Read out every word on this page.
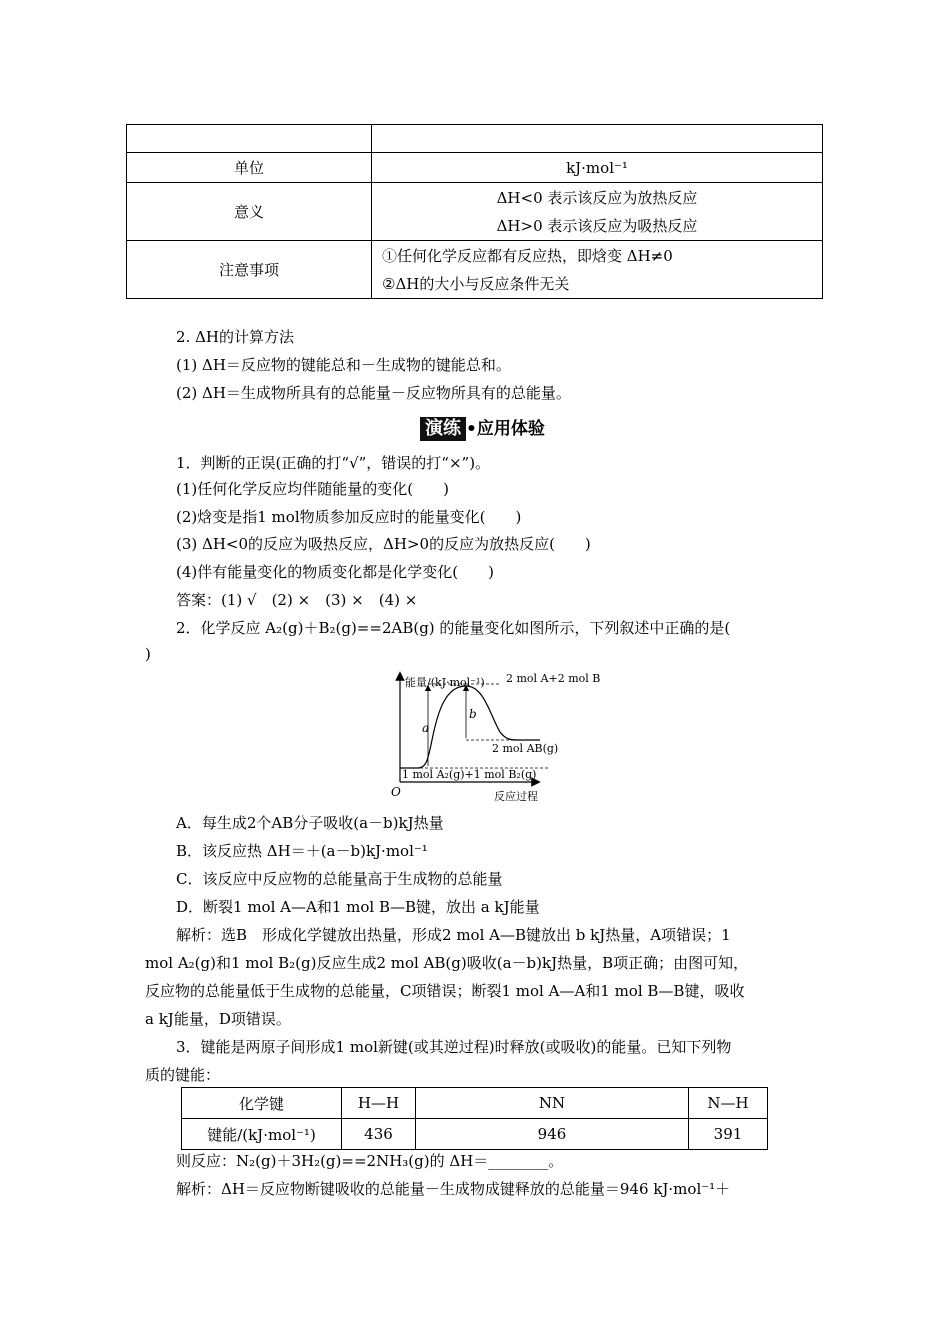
单位	kJ·mol⁻¹
意义	ΔH<0 表示该反应为放热反应
ΔH>0 表示该反应为吸热反应

注意事项	①任何化学反应都有反应热，即焓变 ΔH≠0
②ΔH的大小与反应条件无关
2. ΔH的计算方法
(1) ΔH＝反应物的键能总和－生成物的键能总和。
(2) ΔH＝生成物所具有的总能量－反应物所具有的总能量。
演练 •应用体验
1．判断的正误(正确的打“√”，错误的打“×”)。
(1)任何化学反应均伴随能量的变化(　　)
(2)焓变是指1 mol物质参加反应时的能量变化(　　)
(3) ΔH<0的反应为吸热反应，ΔH>0的反应为放热反应(　　)
(4)伴有能量变化的物质变化都是化学变化(　　)
答案：(1) √　(2) ×　(3) ×　(4) ×
2．化学反应 A₂(g)＋B₂(g)==2AB(g) 的能量变化如图所示，下列叙述中正确的是(
)
能量/(kJ·mol⁻¹) 2 mol A+2 mol B
a
b
2 mol AB(g)
1 mol A₂(g)+1 mol B₂(g)
O	反应过程
A．每生成2个AB分子吸收(a－b)kJ热量
B．该反应热 ΔH＝＋(a－b)kJ·mol⁻¹
C．该反应中反应物的总能量高于生成物的总能量
D．断裂1 mol A—A和1 mol B—B键，放出 a kJ能量
解析：选B　形成化学键放出热量，形成2 mol A—B键放出 b kJ热量，A项错误；1
mol A₂(g)和1 mol B₂(g)反应生成2 mol AB(g)吸收(a－b)kJ热量，B项正确；由图可知，
反应物的总能量低于生成物的总能量，C项错误；断裂1 mol A—A和1 mol B—B键，吸收
a kJ能量，D项错误。
3．键能是两原子间形成1 mol新键(或其逆过程)时释放(或吸收)的能量。已知下列物
质的键能：
化学键	H—H	NN	N—H
键能/(kJ·mol⁻¹)	436	946	391
则反应：N₂(g)＋3H₂(g)==2NH₃(g)的 ΔH＝________。
解析：ΔH＝反应物断键吸收的总能量－生成物成键释放的总能量＝946 kJ·mol⁻¹＋
